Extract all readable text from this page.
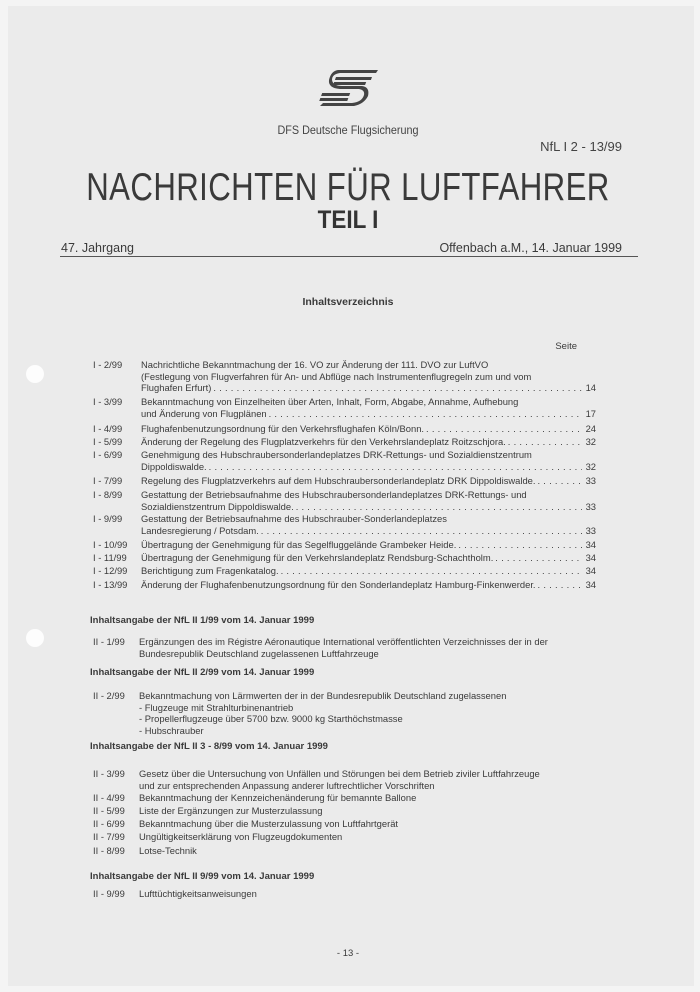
DFS Deutsche Flugsicherung
NfL I 2 - 13/99
NACHRICHTEN FÜR LUFTFAHRER
TEIL I
47. Jahrgang	Offenbach a.M., 14. Januar 1999
Inhaltsverzeichnis
Seite
I - 2/99 Nachrichtliche Bekanntmachung der 16. VO zur Änderung der 111. DVO zur LuftVO
(Festlegung von Flugverfahren für An- und Abflüge nach Instrumentenflugregeln zum und vom
Flughafen Erfurt) . . .	14
I - 3/99 Bekanntmachung von Einzelheiten über Arten, Inhalt, Form, Abgabe, Annahme, Aufhebung
und Änderung von Flugplänen . . .	17
I - 4/99 Flughafenbenutzungsordnung für den Verkehrsflughafen Köln/Bonn. . . .	24
I - 5/99 Änderung der Regelung des Flugplatzverkehrs für den Verkehrslandeplatz Roitzschjora. . . .	32
I - 6/99 Genehmigung des Hubschraubersonderlandeplatzes DRK-Rettungs- und Sozialdienstzentrum
Dippoldiswalde. . . .	32
I - 7/99 Regelung des Flugplatzverkehrs auf dem Hubschraubersonderlandeplatz DRK Dippoldiswalde. . . .	33
I - 8/99 Gestattung der Betriebsaufnahme des Hubschraubersonderlandeplatzes DRK-Rettungs- und
Sozialdienstzentrum Dippoldiswalde. . . .	33
I - 9/99 Gestattung der Betriebsaufnahme des Hubschrauber-Sonderlandeplatzes
Landesregierung / Potsdam. . . .	33
I - 10/99 Übertragung der Genehmigung für das Segelfluggelände Grambeker Heide. . . .	34
I - 11/99 Übertragung der Genehmigung für den Verkehrslandeplatz Rendsburg-Schachtholm. . . .	34
I - 12/99 Berichtigung zum Fragenkatalog. . . .	34
I - 13/99 Änderung der Flughafenbenutzungsordnung für den Sonderlandeplatz Hamburg-Finkenwerder. . . .	34
Inhaltsangabe der NfL II 1/99 vom 14. Januar 1999
II - 1/99 Ergänzungen des im Régistre Aéronautique International veröffentlichten Verzeichnisses der in der
Bundesrepublik Deutschland zugelassenen Luftfahrzeuge
Inhaltsangabe der NfL II 2/99 vom 14. Januar 1999
II - 2/99 Bekanntmachung von Lärmwerten der in der Bundesrepublik Deutschland zugelassenen
- Flugzeuge mit Strahlturbinenantrieb
- Propellerflugzeuge über 5700 bzw. 9000 kg Starthöchstmasse
- Hubschrauber
Inhaltsangabe der NfL II 3 - 8/99 vom 14. Januar 1999
II - 3/99 Gesetz über die Untersuchung von Unfällen und Störungen bei dem Betrieb ziviler Luftfahrzeuge
und zur entsprechenden Anpassung anderer luftrechtlicher Vorschriften
II - 4/99 Bekanntmachung der Kennzeichenänderung für bemannte Ballone
II - 5/99 Liste der Ergänzungen zur Musterzulassung
II - 6/99 Bekanntmachung über die Musterzulassung von Luftfahrtgerät
II - 7/99 Ungültigkeitserklärung von Flugzeugdokumenten
II - 8/99 Lotse-Technik
Inhaltsangabe der NfL II 9/99 vom 14. Januar 1999
II - 9/99 Lufttüchtigkeitsanweisungen
- 13 -
